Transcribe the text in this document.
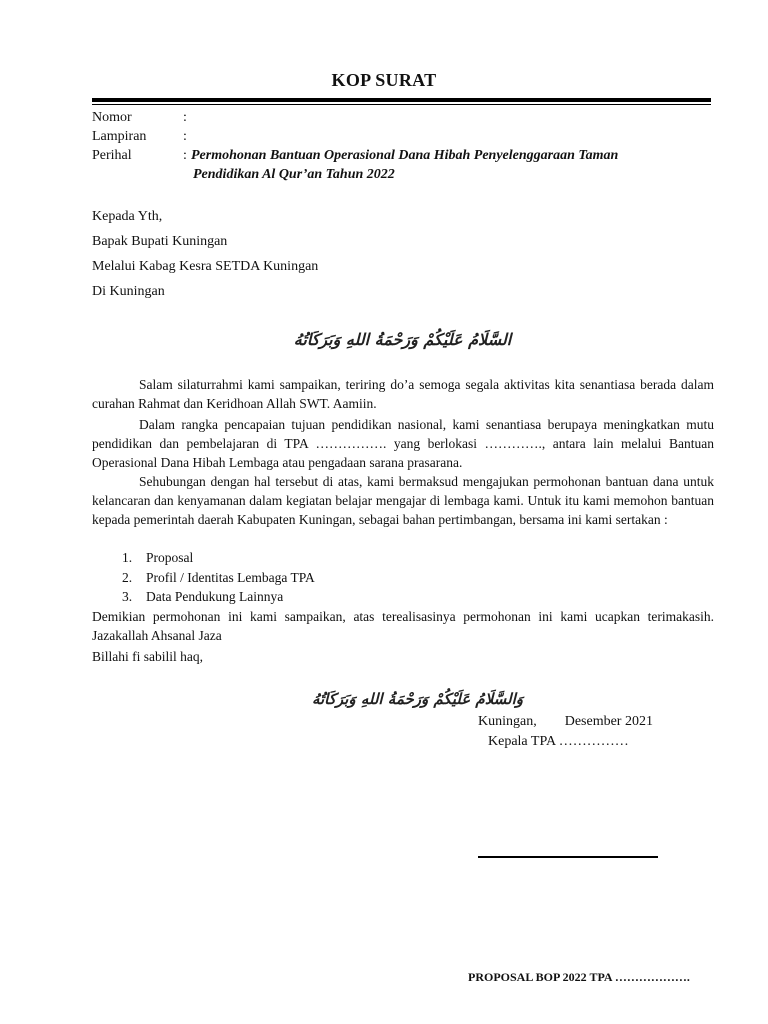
KOP SURAT
Nomor	:
Lampiran	:
Perihal	: Permohonan Bantuan Operasional Dana Hibah Penyelenggaraan Taman
Pendidikan Al Qur’an Tahun 2022
Kepada Yth,
Bapak Bupati Kuningan
Melalui Kabag Kesra SETDA Kuningan
Di Kuningan
السَّلَامُ عَلَيْكُمْ وَرَحْمَةُ اللهِ وَبَرَكَاتُهُ
Salam silaturrahmi kami sampaikan, teriring do’a semoga segala aktivitas kita senantiasa berada dalam curahan Rahmat dan Keridhoan Allah SWT. Aamiin.
Dalam rangka pencapaian tujuan pendidikan nasional, kami senantiasa berupaya meningkatkan mutu pendidikan dan pembelajaran di TPA ……………. yang berlokasi …………., antara lain melalui Bantuan Operasional Dana Hibah Lembaga atau pengadaan sarana prasarana.
Sehubungan dengan hal tersebut di atas, kami bermaksud mengajukan permohonan bantuan dana untuk kelancaran dan kenyamanan dalam kegiatan belajar mengajar di lembaga kami. Untuk itu kami memohon bantuan kepada pemerintah daerah Kabupaten Kuningan, sebagai bahan pertimbangan, bersama ini kami sertakan :
1. Proposal
2. Profil / Identitas Lembaga TPA
3. Data Pendukung Lainnya
Demikian permohonan ini kami sampaikan, atas terealisasinya permohonan ini kami ucapkan terimakasih. Jazakallah Ahsanal Jaza
Billahi fi sabilil haq,
وَالسَّلَامُ عَلَيْكُمْ وَرَحْمَةُ اللهِ وَبَرَكَاتُهُ
Kuningan,        Desember 2021
Kepala TPA ……………
PROPOSAL BOP 2022 TPA ……………….
